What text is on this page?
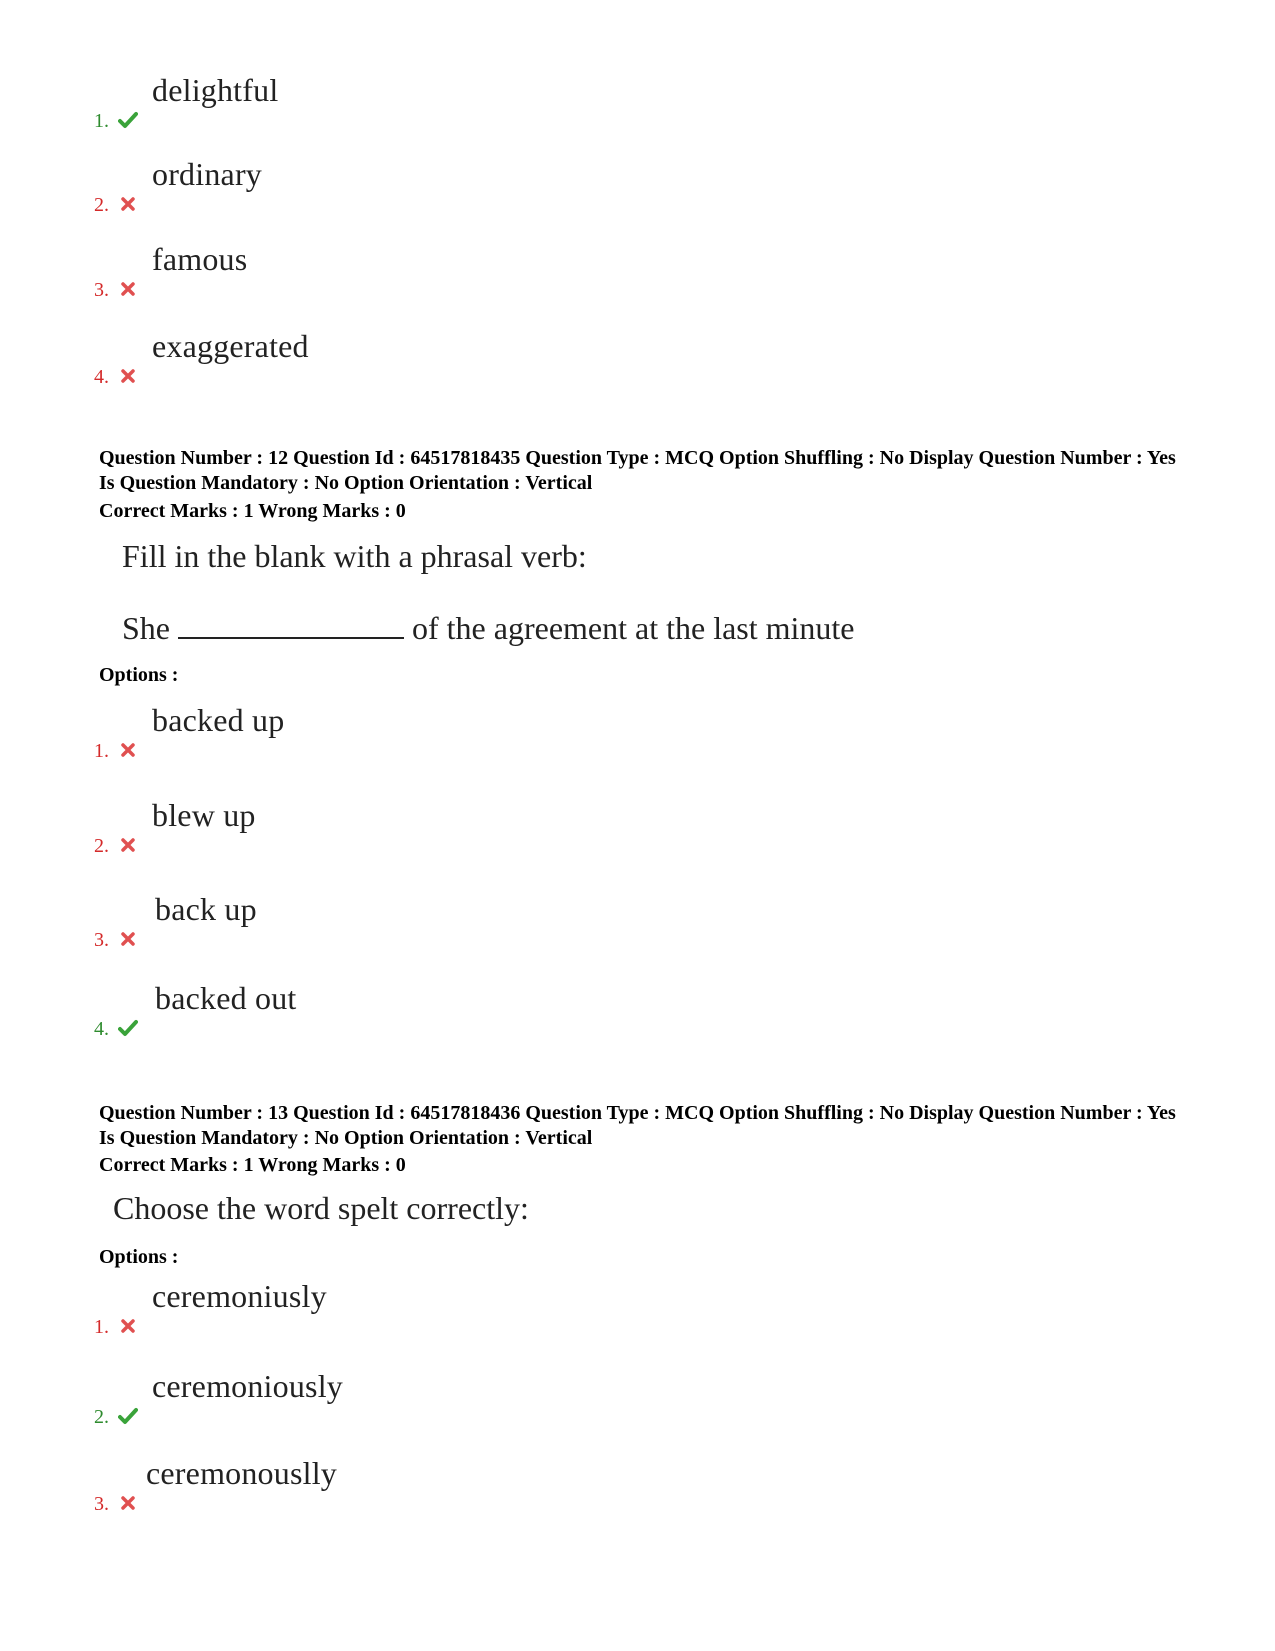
1.
delightful
2.
ordinary
3.
famous
4.
exaggerated
Question Number : 12 Question Id : 64517818435 Question Type : MCQ Option Shuffling : No Display Question Number : Yes Is Question Mandatory : No Option Orientation : Vertical
Correct Marks : 1 Wrong Marks : 0
Fill in the blank with a phrasal verb:
She	of the agreement at the last minute
Options :
1.
backed up
2.
blew up
3.
back up
4.
backed out
Question Number : 13 Question Id : 64517818436 Question Type : MCQ Option Shuffling : No Display Question Number : Yes Is Question Mandatory : No Option Orientation : Vertical
Correct Marks : 1 Wrong Marks : 0
Choose the word spelt correctly:
Options :
1.
ceremoniusly
2.
ceremoniously
3.
ceremonouslly
